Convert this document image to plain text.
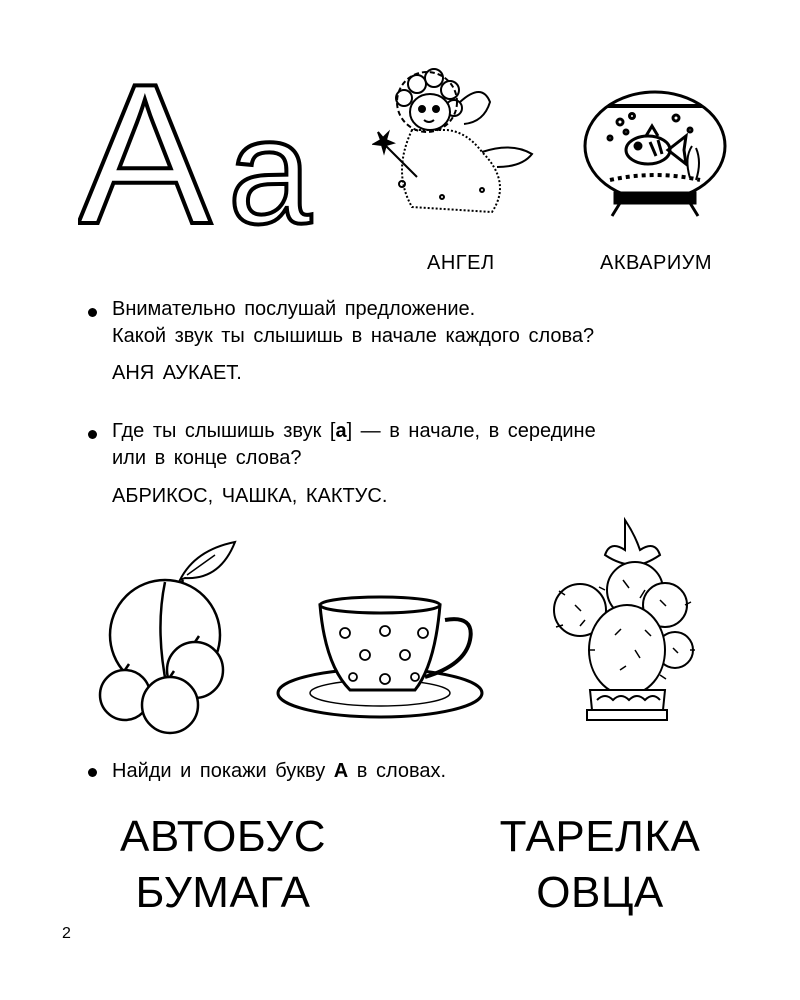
А а
АНГЕЛ	АКВАРИУМ
Внимательно послушай предложение.
Какой звук ты слышишь в начале каждого слова?
АНЯ АУКАЕТ.
Где ты слышишь звук [а] — в начале, в середине
или в конце слова?
АБРИКОС, ЧАШКА, КАКТУС.
Найди и покажи букву А в словах.
АВТОБУС	ТАРЕЛКА
БУМАГА	ОВЦА
2
